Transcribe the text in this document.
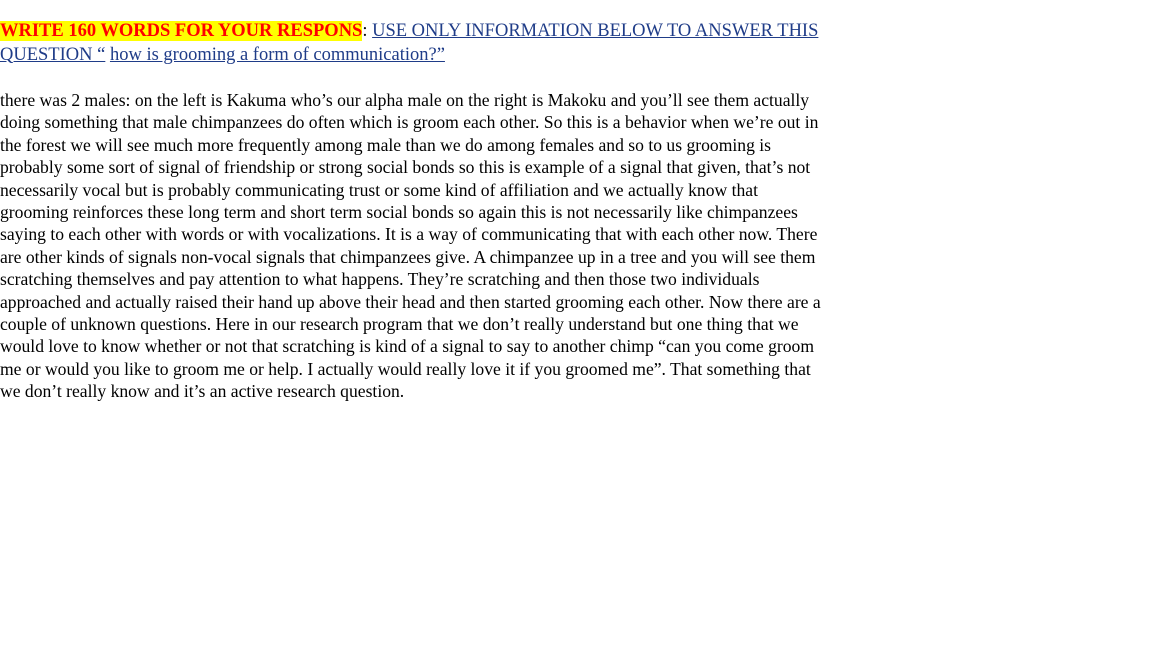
WRITE 160 WORDS FOR YOUR RESPONS: USE ONLY INFORMATION BELOW TO ANSWER THIS QUESTION “ how is grooming a form of communication?”

there was 2 males: on the left is Kakuma who’s our alpha male on the right is Makoku and you’ll see them actually doing something that male chimpanzees do often which is groom each other. So this is a behavior when we’re out in the forest we will see much more frequently among male than we do among females and so to us grooming is probably some sort of signal of friendship or strong social bonds so this is example of a signal that given, that’s not necessarily vocal but is probably communicating trust or some kind of affiliation and we actually know that grooming reinforces these long term and short term social bonds so again this is not necessarily like chimpanzees saying to each other with words or with vocalizations. It is a way of communicating that with each other now. There are other kinds of signals non-vocal signals that chimpanzees give. A chimpanzee up in a tree and you will see them scratching themselves and pay attention to what happens. They’re scratching and then those two individuals approached and actually raised their hand up above their head and then started grooming each other. Now there are a couple of unknown questions. Here in our research program that we don’t really understand but one thing that we would love to know whether or not that scratching is kind of a signal to say to another chimp “can you come groom me or would you like to groom me or help. I actually would really love it if you groomed me”. That something that we don’t really know and it’s an active research question.
